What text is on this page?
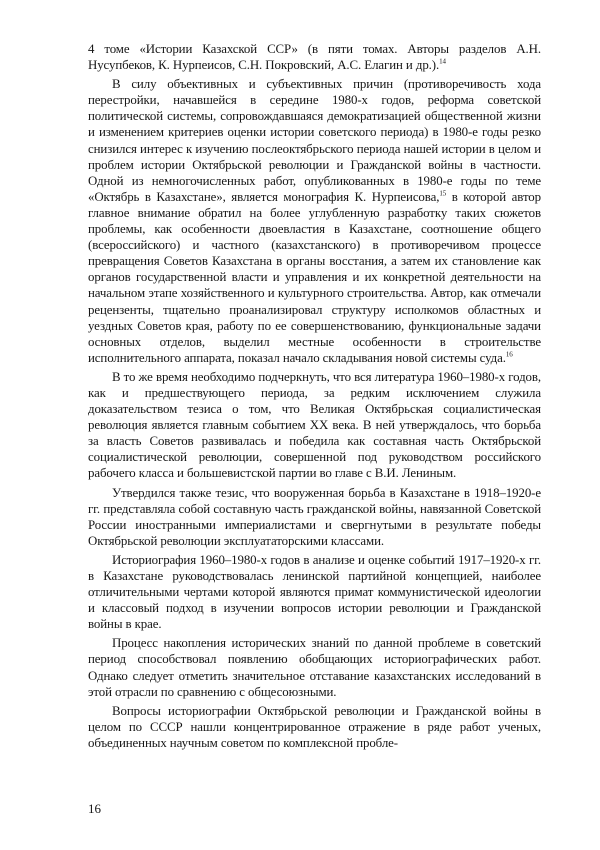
4 томе «Истории Казахской ССР» (в пяти томах. Авторы разделов А.Н. Нусупбеков, К. Нурпеисов, С.Н. Покровский, А.С. Елагин и др.).$^{14}$

В силу объективных и субъективных причин (противоречивость хода перестройки, начавшейся в середине 1980-х годов, реформа советской политической системы, сопровождавшаяся демократизацией общественной жизни и изменением критериев оценки истории советского периода) в 1980-е годы резко снизился интерес к изучению послеоктябрьского периода нашей истории в целом и проблем истории Октябрьской революции и Гражданской войны в частности. Одной из немногочисленных работ, опубликованных в 1980-е годы по теме «Октябрь в Казахстане», является монография К. Нурпеисова,$^{15}$ в которой автор главное внимание обратил на более углубленную разработку таких сюжетов проблемы, как особенности двоевластия в Казахстане, соотношение общего (всероссийского) и частного (казахстанского) в противоречивом процессе превращения Советов Казахстана в органы восстания, а затем их становление как органов государственной власти и управления и их конкретной деятельности на начальном этапе хозяйственного и культурного строительства. Автор, как отмечали рецензенты, тщательно проанализировал структуру исполкомов областных и уездных Советов края, работу по ее совершенствованию, функциональные задачи основных отделов, выделил местные особенности в строительстве исполнительного аппарата, показал начало складывания новой системы суда.$^{16}$

В то же время необходимо подчеркнуть, что вся литература 1960–1980-х годов, как и предшествующего периода, за редким исключением служила доказательством тезиса о том, что Великая Октябрьская социалистическая революция является главным событием XX века. В ней утверждалось, что борьба за власть Советов развивалась и победила как составная часть Октябрьской социалистической революции, совершенной под руководством российского рабочего класса и большевистской партии во главе с В.И. Лениным.

Утвердился также тезис, что вооруженная борьба в Казахстане в 1918–1920-е гг. представляла собой составную часть гражданской войны, навязанной Советской России иностранными империалистами и свергнутыми в результате победы Октябрьской революции эксплуататорскими классами.

Историография 1960–1980-х годов в анализе и оценке событий 1917–1920-х гг. в Казахстане руководствовалась ленинской партийной концепцией, наиболее отличительными чертами которой являются примат коммунистической идеологии и классовый подход в изучении вопросов истории революции и Гражданской войны в крае.

Процесс накопления исторических знаний по данной проблеме в советский период способствовал появлению обобщающих историографических работ. Однако следует отметить значительное отставание казахстанских исследований в этой отрасли по сравнению с общесоюзными.

Вопросы историографии Октябрьской революции и Гражданской войны в целом по СССР нашли концентрированное отражение в ряде работ ученых, объединенных научным советом по комплексной пробле-

16
